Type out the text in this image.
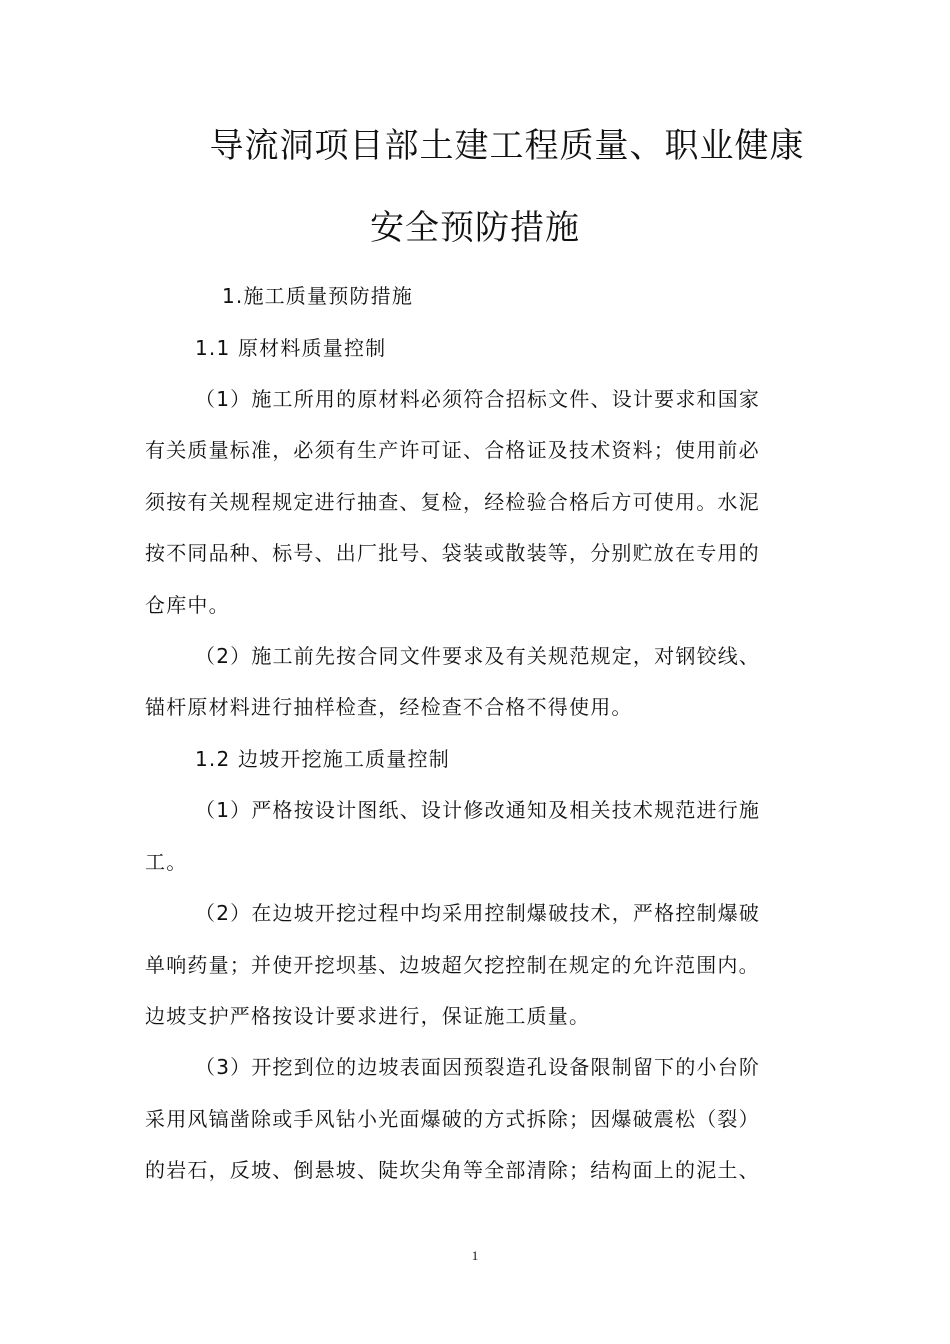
导流洞项目部土建工程质量、职业健康
安全预防措施
1.施工质量预防措施
1.1 原材料质量控制
（1）施工所用的原材料必须符合招标文件、设计要求和国家
有关质量标准，必须有生产许可证、合格证及技术资料；使用前必
须按有关规程规定进行抽查、复检，经检验合格后方可使用。水泥
按不同品种、标号、出厂批号、袋装或散装等，分别贮放在专用的
仓库中。
（2）施工前先按合同文件要求及有关规范规定，对钢铰线、
锚杆原材料进行抽样检查，经检查不合格不得使用。
1.2 边坡开挖施工质量控制
（1）严格按设计图纸、设计修改通知及相关技术规范进行施
工。
（2）在边坡开挖过程中均采用控制爆破技术，严格控制爆破
单响药量；并使开挖坝基、边坡超欠挖控制在规定的允许范围内。
边坡支护严格按设计要求进行，保证施工质量。
（3）开挖到位的边坡表面因预裂造孔设备限制留下的小台阶
采用风镐凿除或手风钻小光面爆破的方式拆除；因爆破震松（裂）
的岩石，反坡、倒悬坡、陡坎尖角等全部清除；结构面上的泥土、
1
